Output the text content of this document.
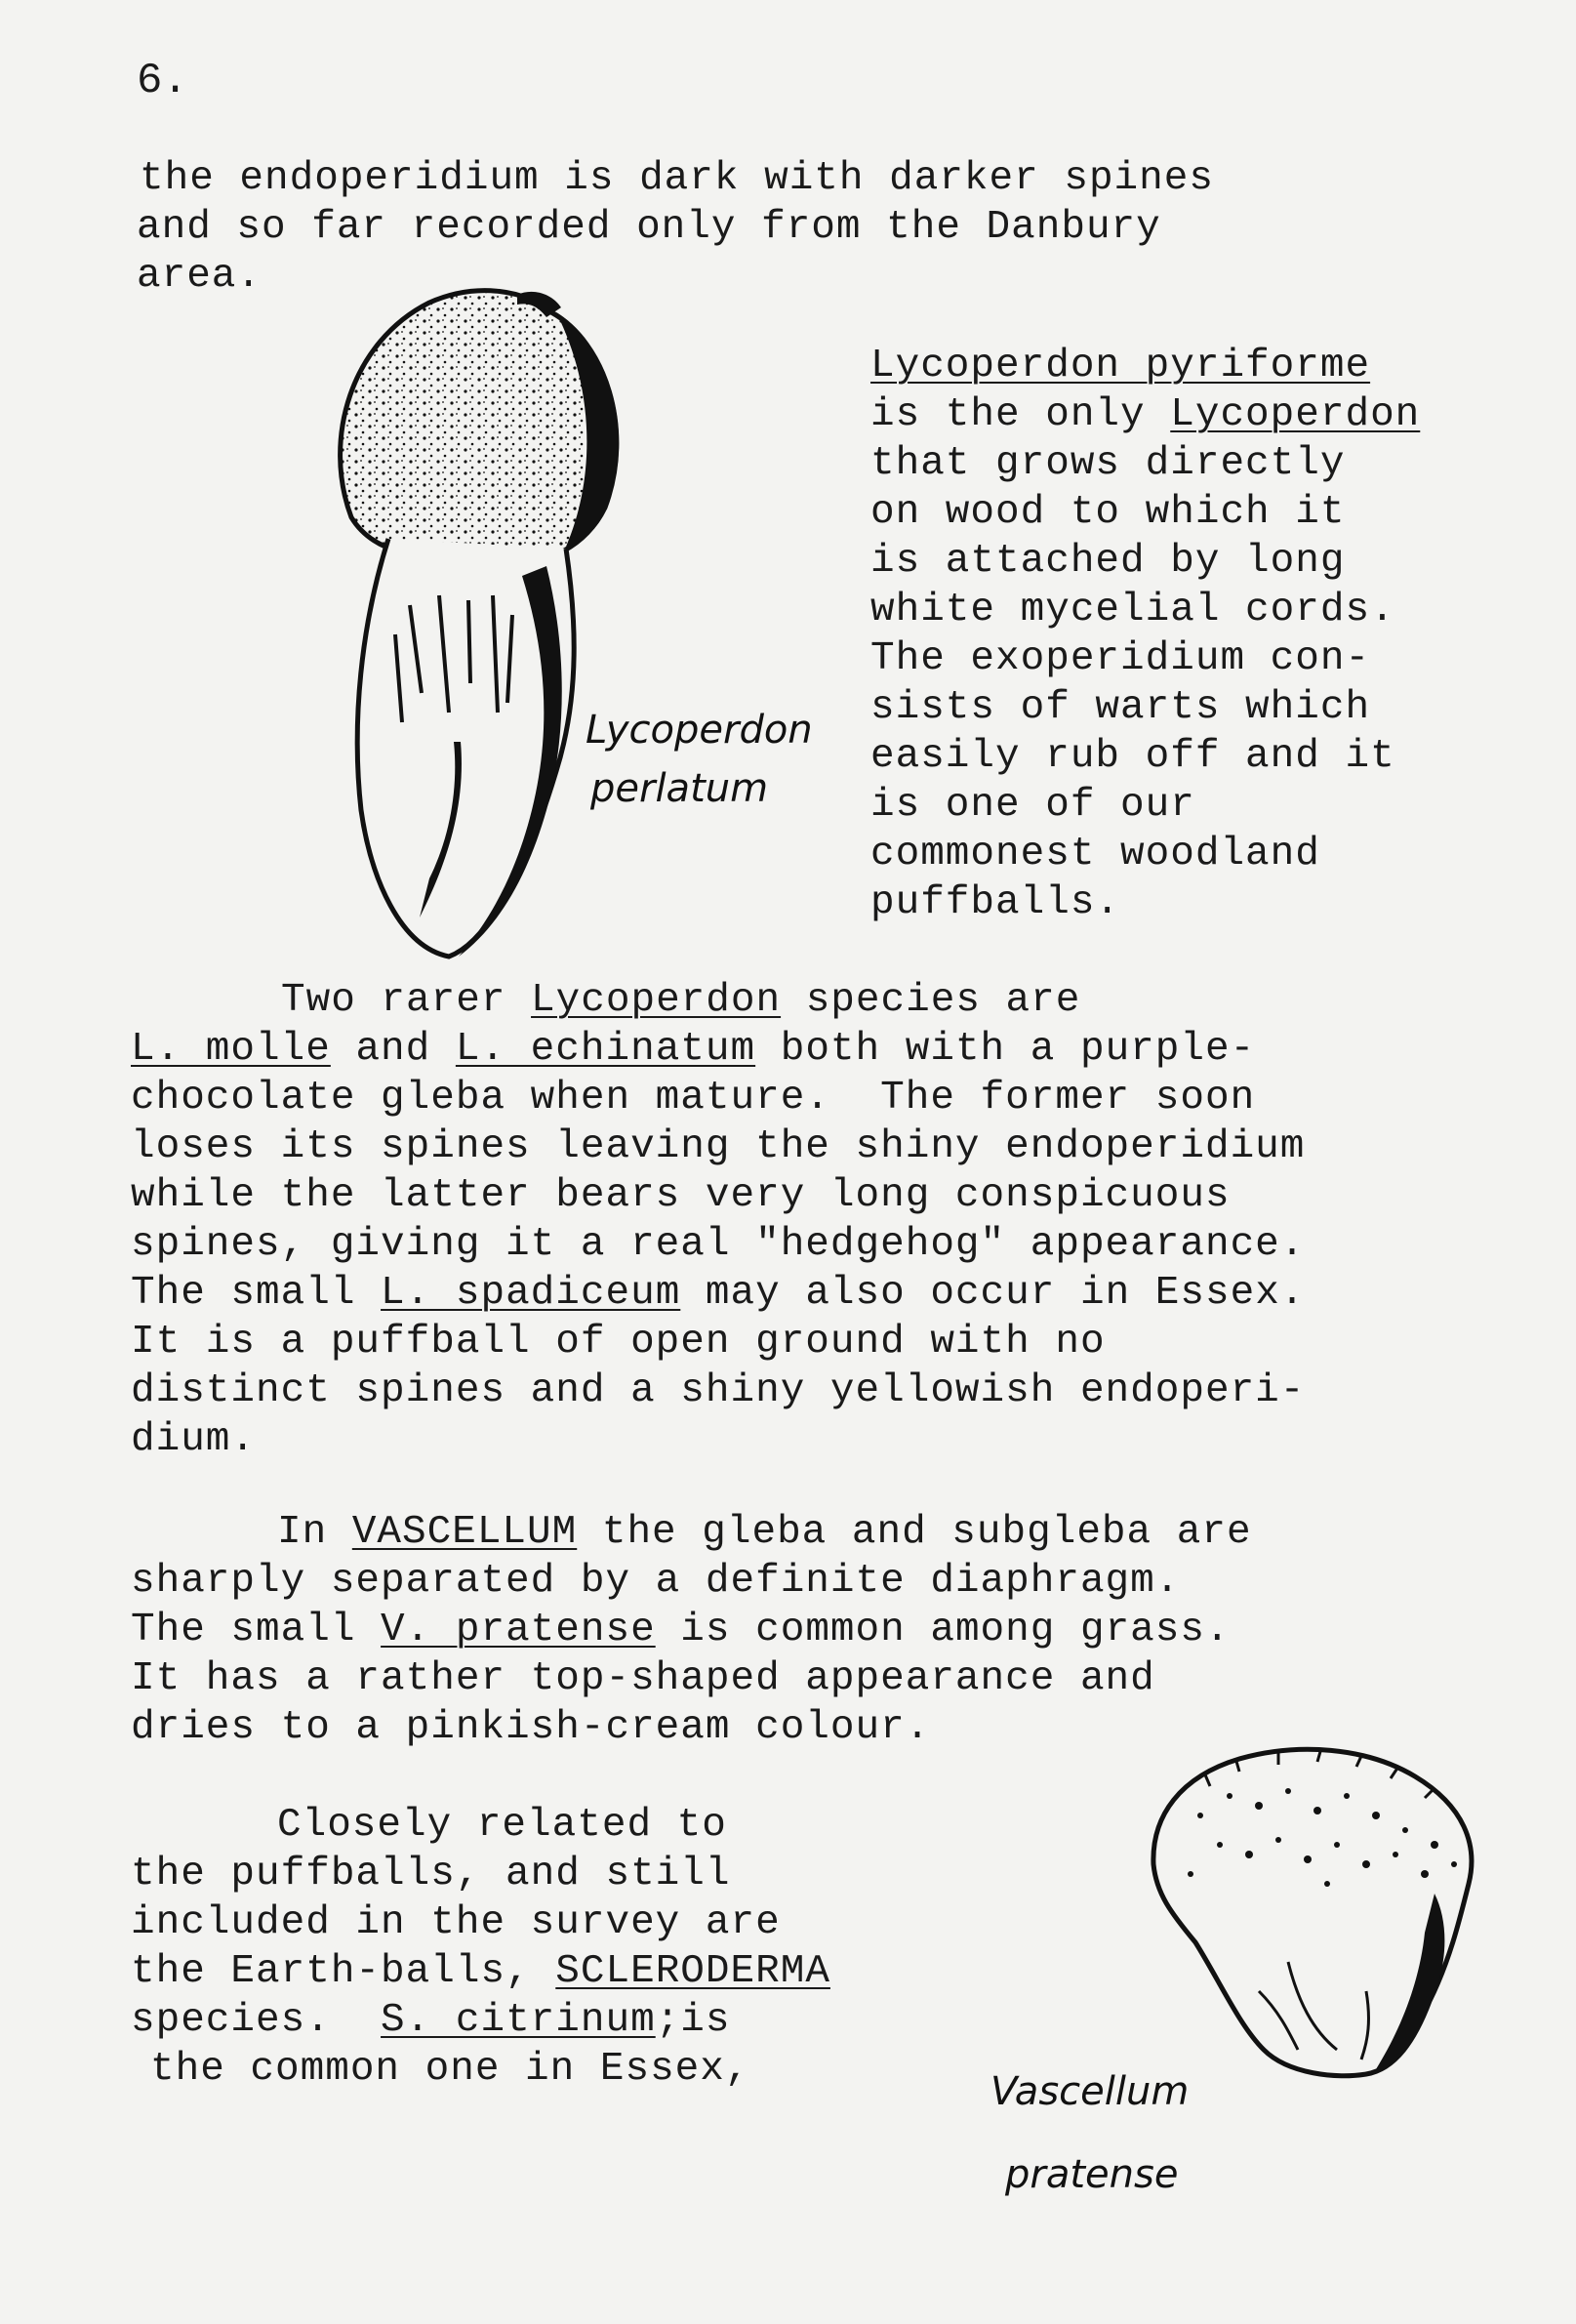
6.
the endoperidium is dark with darker spines
and so far recorded only from the Danbury
area.
Lycoperdon
perlatum
Lycoperdon pyriforme
is the only Lycoperdon
that grows directly
on wood to which it
is attached by long
white mycelial cords.
The exoperidium con-
sists of warts which
easily rub off and it
is one of our
commonest woodland
puffballs.
Two rarer Lycoperdon species are
L. molle and L. echinatum both with a purple-
chocolate gleba when mature.  The former soon
loses its spines leaving the shiny endoperidium
while the latter bears very long conspicuous
spines, giving it a real "hedgehog" appearance.
The small L. spadiceum may also occur in Essex.
It is a puffball of open ground with no
distinct spines and a shiny yellowish endoperi-
dium.
In VASCELLUM the gleba and subgleba are
sharply separated by a definite diaphragm.
The small V. pratense is common among grass.
It has a rather top-shaped appearance and
dries to a pinkish-cream colour.
Closely related to
the puffballs, and still
included in the survey are
the Earth-balls, SCLERODERMA
species.  S. citrinum;is
the common one in Essex,	Vascellum
pratense
